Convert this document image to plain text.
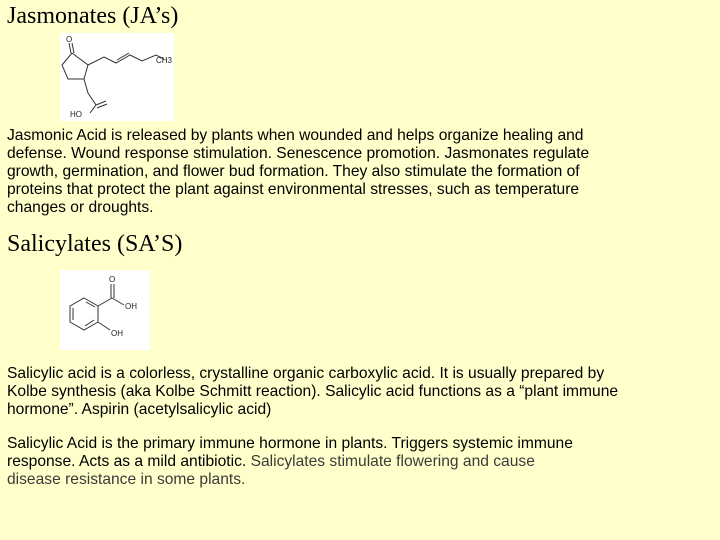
Jasmonates (JA’s)
O
HO
CH3

Jasmonic Acid is released by plants when wounded and helps organize healing and
defense. Wound response stimulation. Senescence promotion. Jasmonates regulate
growth, germination, and flower bud formation. They also stimulate the formation of
proteins that protect the plant against environmental stresses, such as temperature
changes or droughts.

Salicylates (SA’S)
O
OH
OH

Salicylic acid is a colorless, crystalline organic carboxylic acid. It is usually prepared by
Kolbe synthesis (aka Kolbe Schmitt reaction). Salicylic acid functions as a “plant immune
hormone”. Aspirin (acetylsalicylic acid)

Salicylic Acid is the primary immune hormone in plants. Triggers systemic immune
response. Acts as a mild antibiotic. Salicylates stimulate flowering and cause
disease resistance in some plants.
